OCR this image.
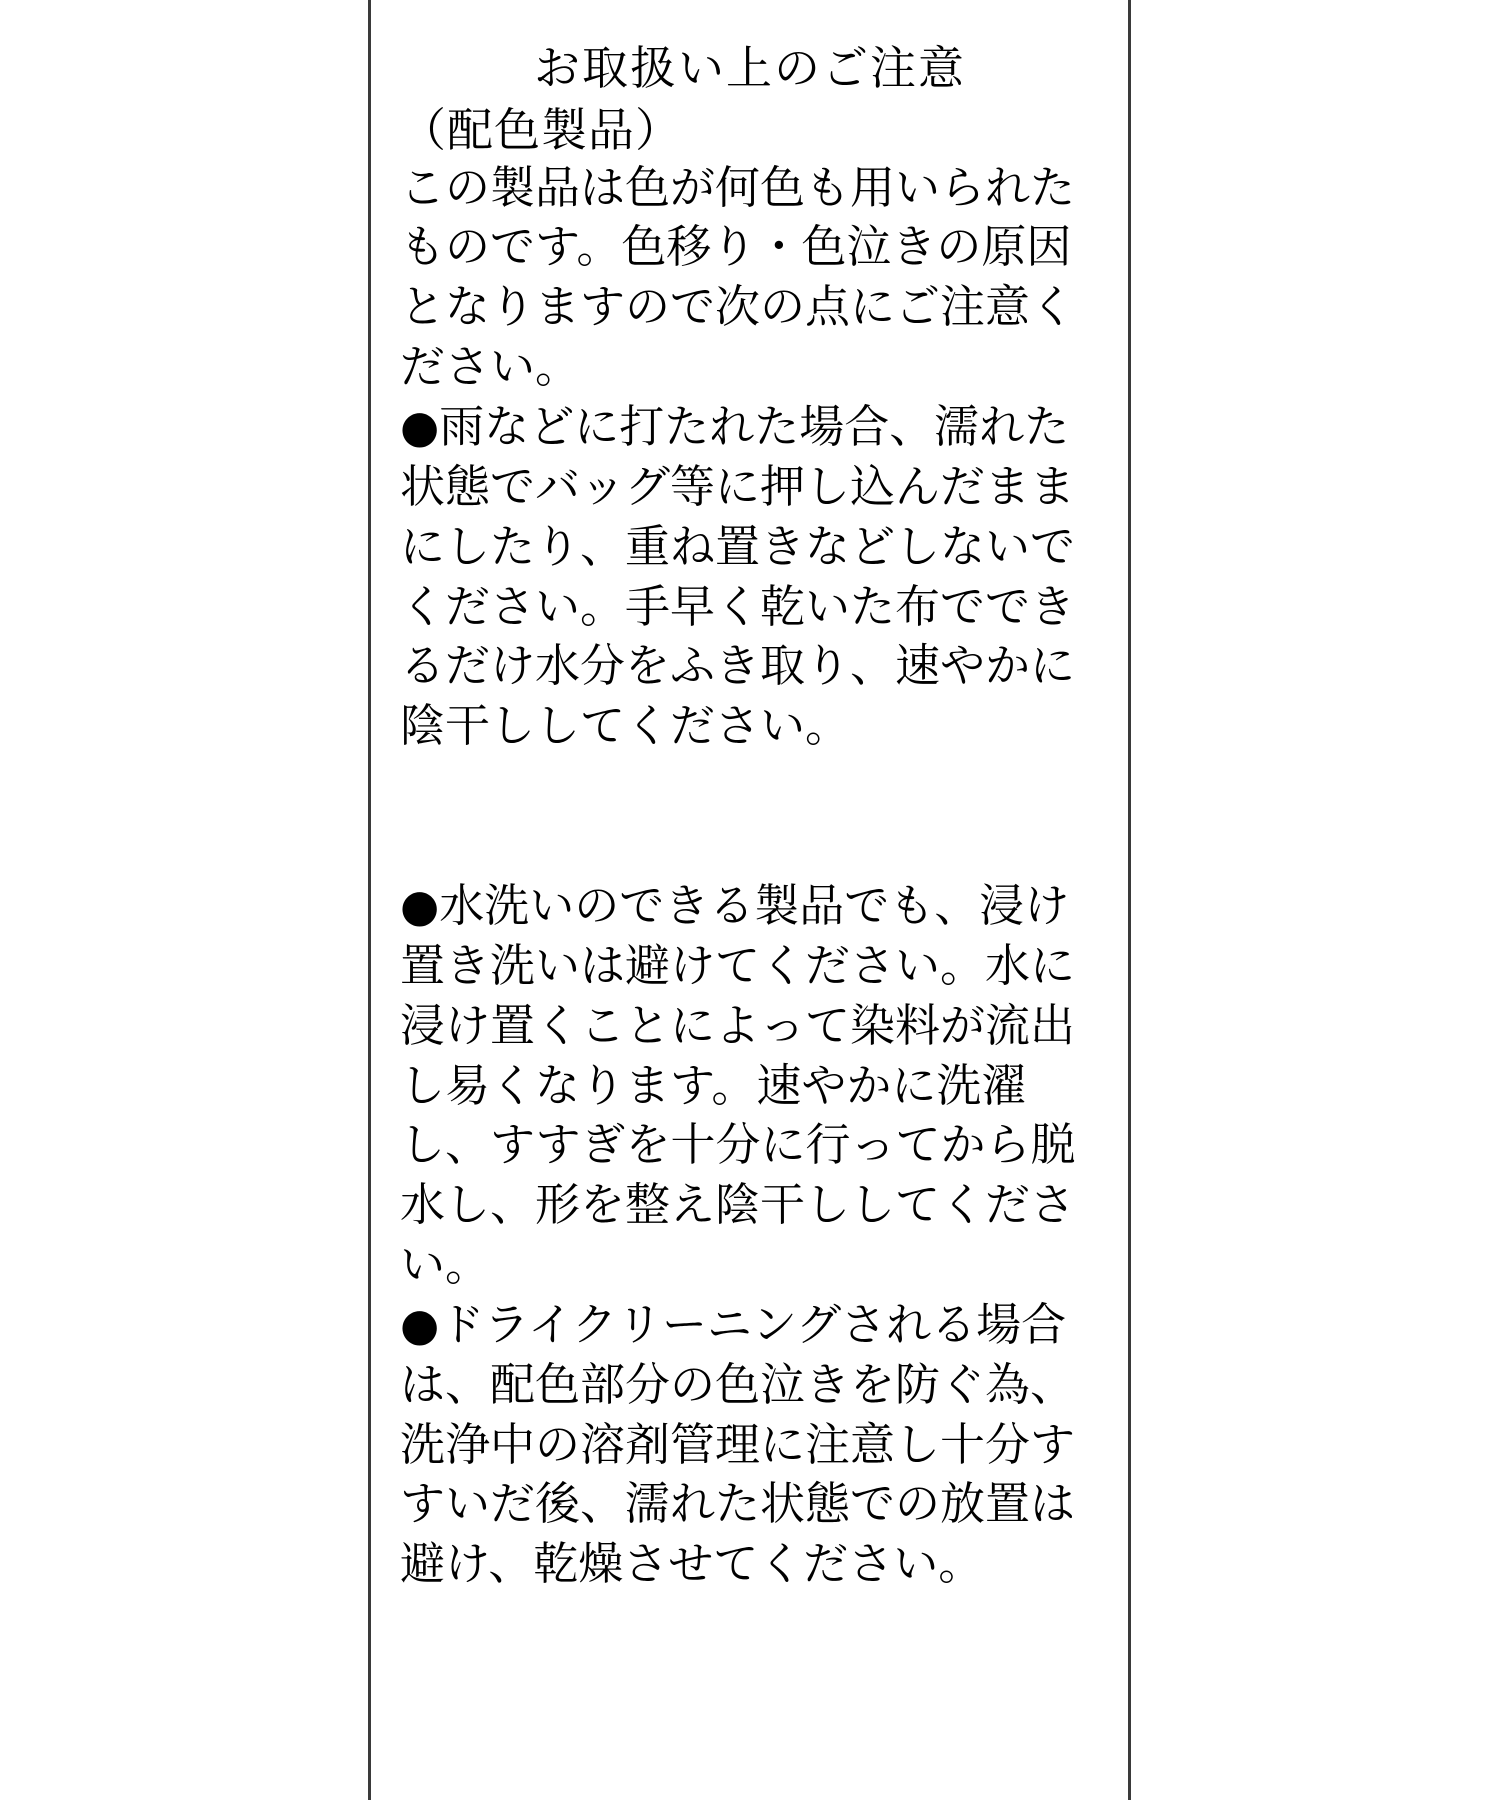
お取扱い上のご注意
（配色製品）

この製品は色が何色も用いられたものです。色移り・色泣きの原因となりますので次の点にご注意ください。

●雨などに打たれた場合、濡れた状態でバッグ等に押し込んだままにしたり、重ね置きなどしないでください。手早く乾いた布でできるだけ水分をふき取り、速やかに陰干ししてください。

●水洗いのできる製品でも、浸け置き洗いは避けてください。水に浸け置くことによって染料が流出し易くなります。速やかに洗濯し、すすぎを十分に行ってから脱水し、形を整え陰干ししてください。

●ドライクリーニングされる場合は、配色部分の色泣きを防ぐ為、洗浄中の溶剤管理に注意し十分すすいだ後、濡れた状態での放置は避け、乾燥させてください。
